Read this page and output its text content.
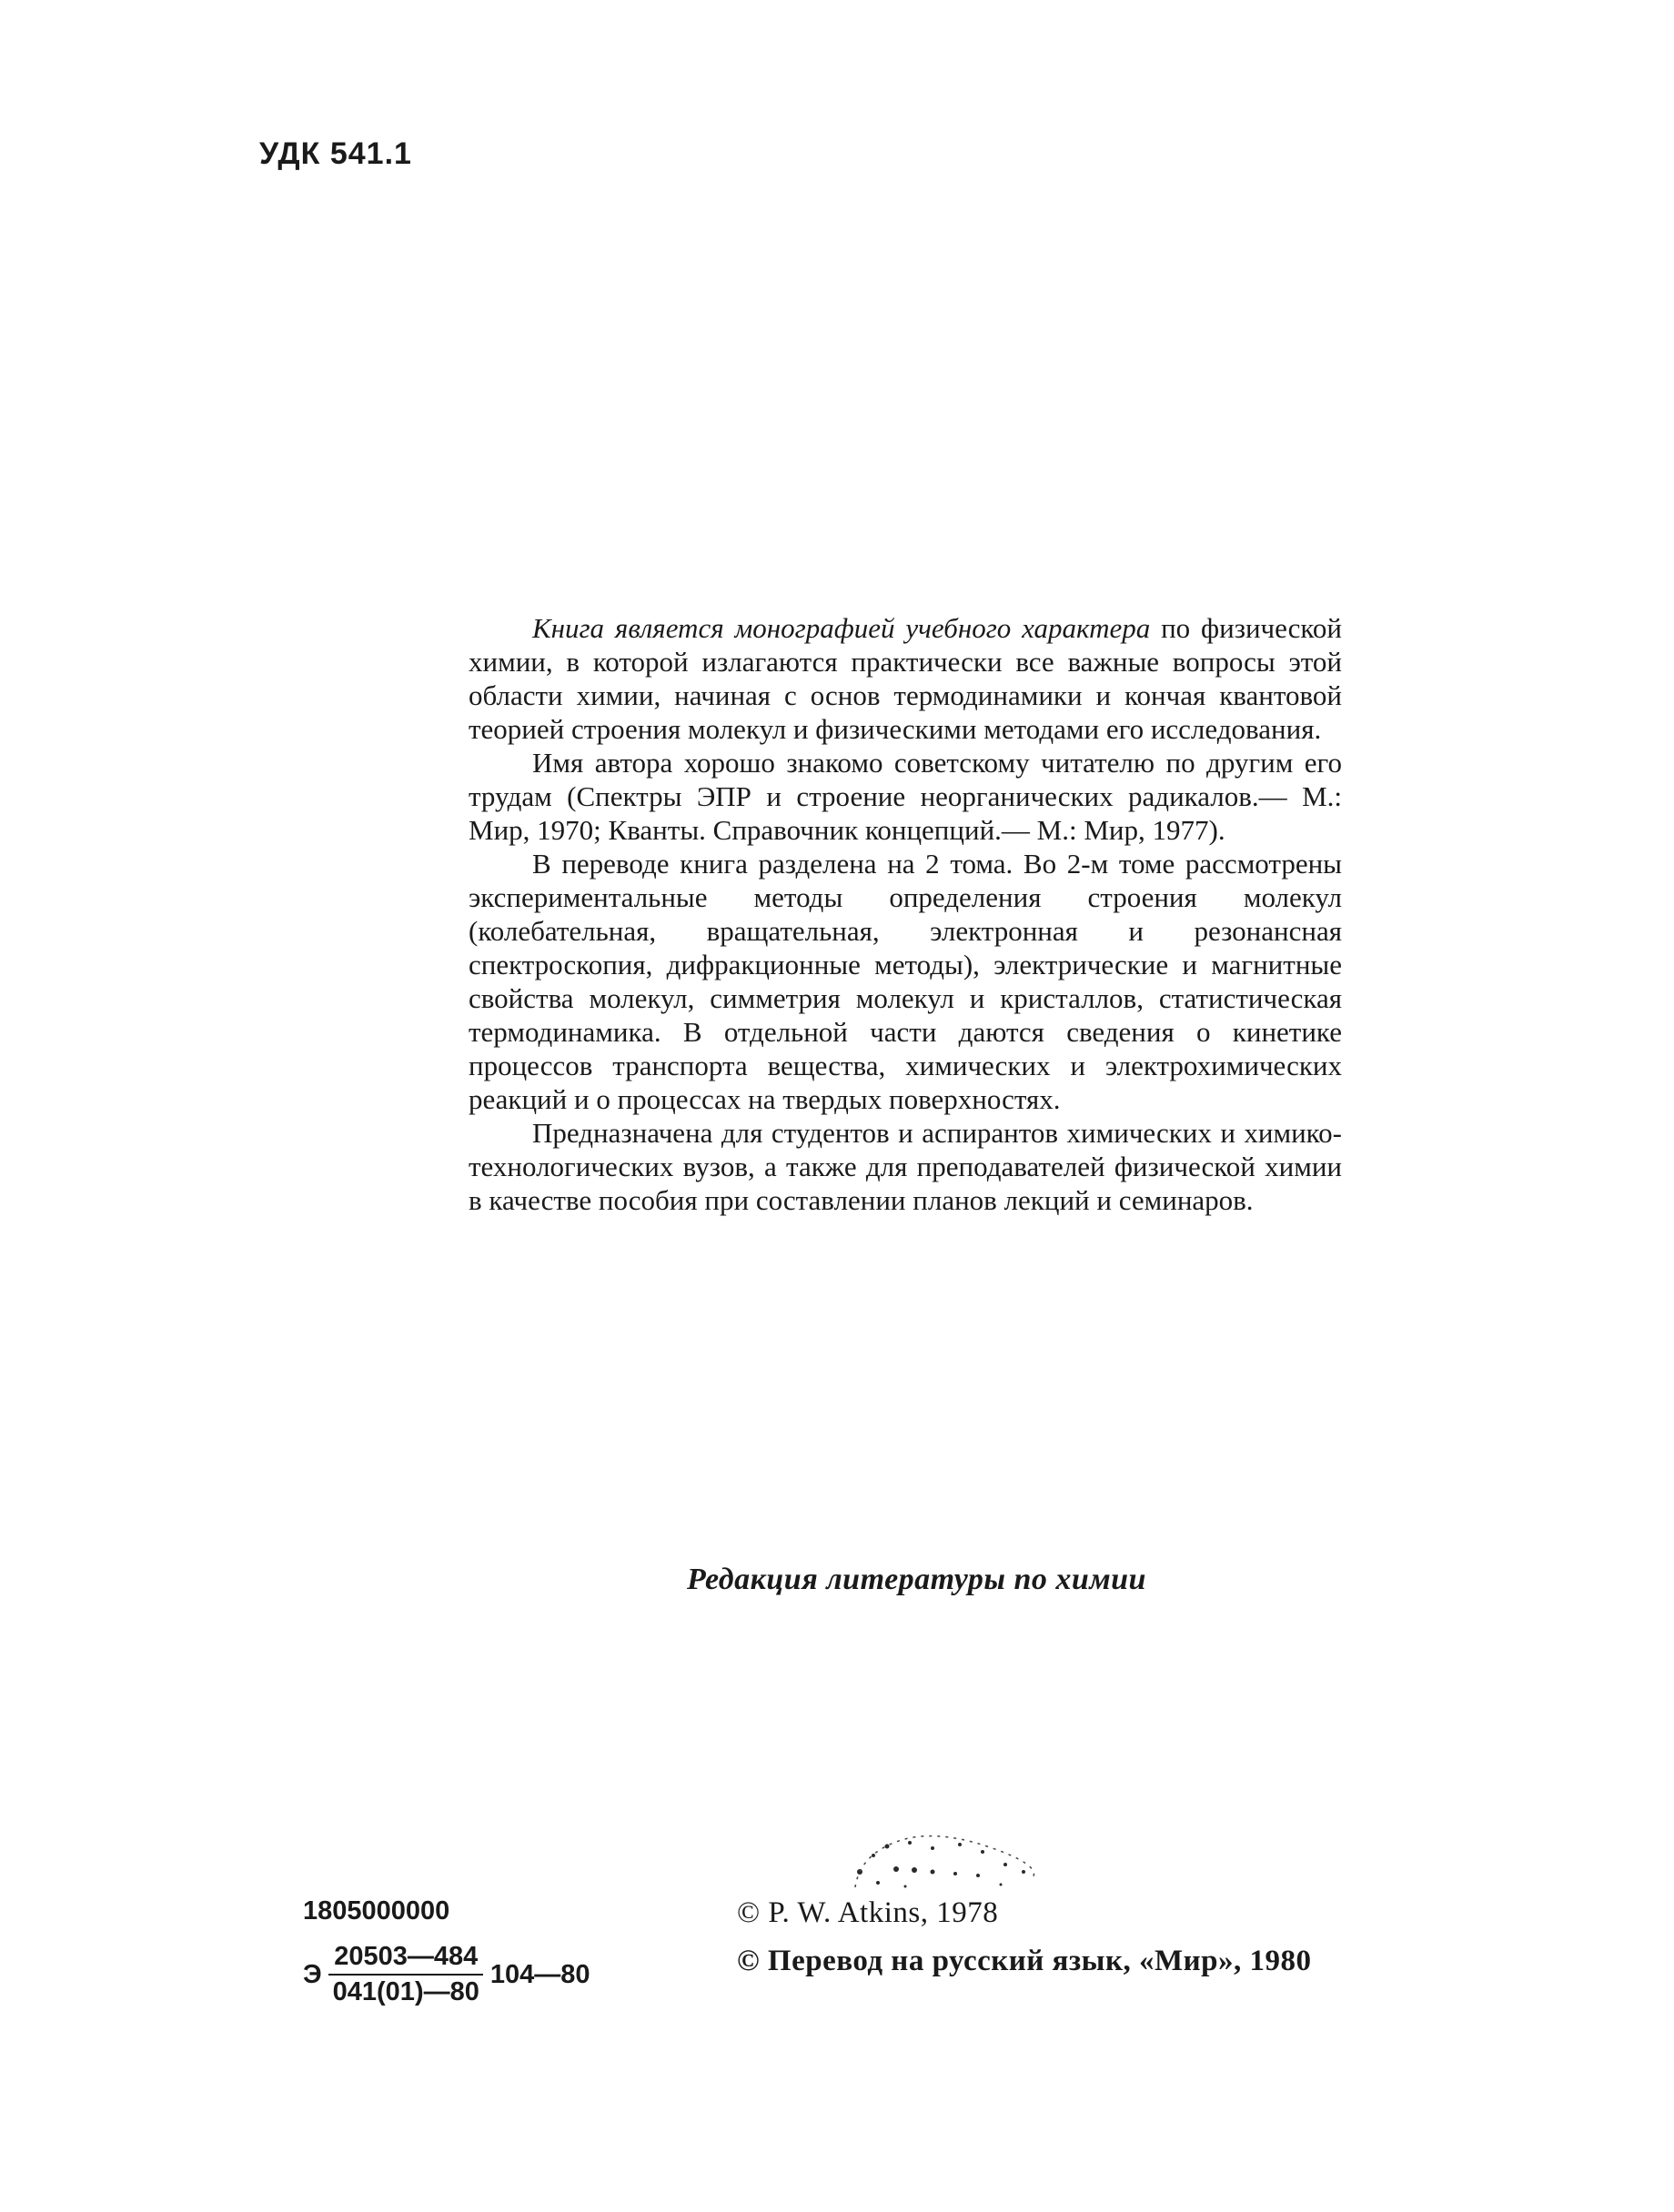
УДК 541.1

Книга является монографией учебного характера по физической химии, в которой излагаются практически все важные вопросы этой области химии, начиная с основ термодинамики и кончая квантовой теорией строения молекул и физическими методами его исследования.

Имя автора хорошо знакомо советскому читателю по другим его трудам (Спектры ЭПР и строение неорганических радикалов.— М.: Мир, 1970; Кванты. Справочник концепций.— М.: Мир, 1977).

В переводе книга разделена на 2 тома. Во 2-м томе рассмотрены экспериментальные методы определения строения молекул (колебательная, вращательная, электронная и резонансная спектроскопия, дифракционные методы), электрические и магнитные свойства молекул, симметрия молекул и кристаллов, статистическая термодинамика. В отдельной части даются сведения о кинетике процессов транспорта вещества, химических и электрохимических реакций и о процессах на твердых поверхностях.

Предназначена для студентов и аспирантов химических и химико-технологических вузов, а также для преподавателей физической химии в качестве пособия при составлении планов лекций и семинаров.

Редакция литературы по химии
1805000000
Э $\frac{20503—484}{041(01)—80}$ 104—80
© P. W. Atkins, 1978
© Перевод на русский язык, «Мир», 1980
